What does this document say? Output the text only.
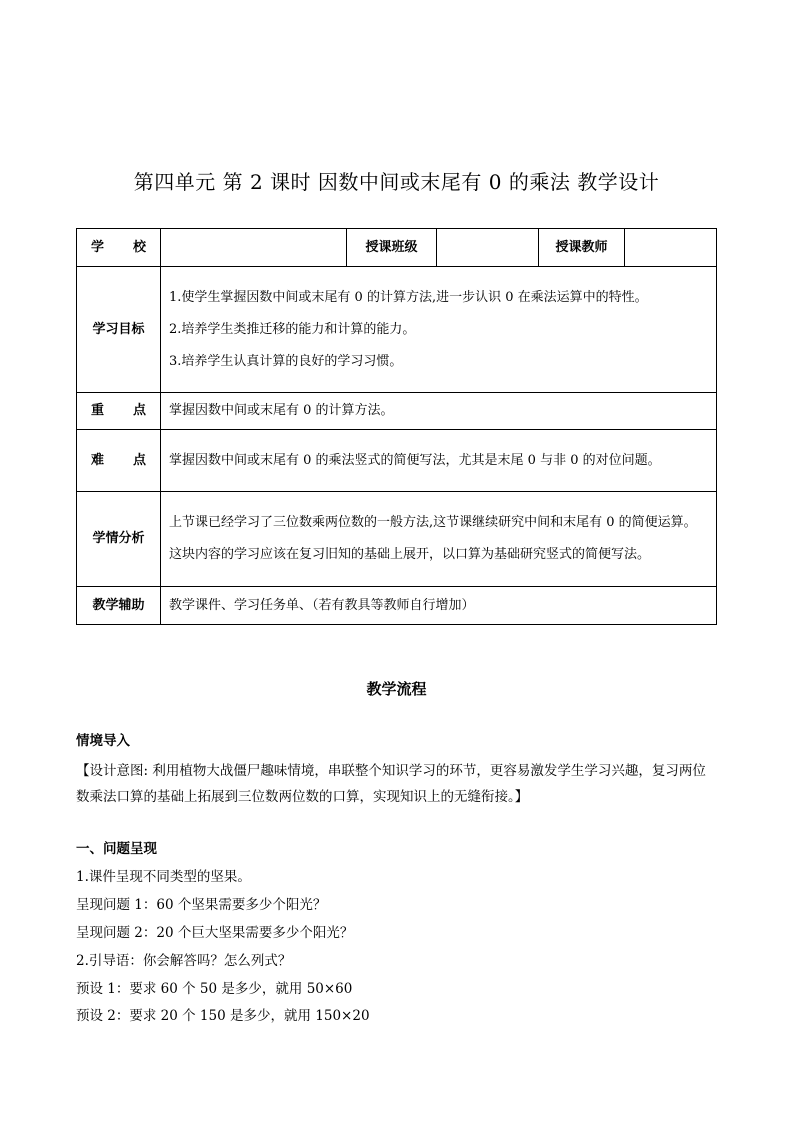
第四单元 第 2 课时 因数中间或末尾有 0 的乘法 教学设计
学 校		授课班级		授课教师	
学习目标	1.使学生掌握因数中间或末尾有 0 的计算方法,进一步认识 0 在乘法运算中的特性。

2.培养学生类推迁移的能力和计算的能力。

3.培养学生认真计算的良好的学习习惯。				

重 点	掌握因数中间或末尾有 0 的计算方法。				
难 点	掌握因数中间或末尾有 0 的乘法竖式的简便写法，尤其是末尾 0 与非 0 的对位问题。				

学情分析	上节课已经学习了三位数乘两位数的一般方法,这节课继续研究中间和末尾有 0 的简便运算。这块内容的学习应该在复习旧知的基础上展开，以口算为基础研究竖式的简便写法。				

教学辅助	教学课件、学习任务单、（若有教具等教师自行增加）				
教学流程
情境导入
【设计意图: 利用植物大战僵尸趣味情境，串联整个知识学习的环节，更容易激发学生学习兴趣，复习两位数乘法口算的基础上拓展到三位数两位数的口算，实现知识上的无缝衔接。】
一、问题呈现
1.课件呈现不同类型的坚果。
呈现问题 1：60 个坚果需要多少个阳光？
呈现问题 2：20 个巨大坚果需要多少个阳光？
2.引导语：你会解答吗？怎么列式？
预设 1：要求 60 个 50 是多少，就用 50×60
预设 2：要求 20 个 150 是多少，就用 150×20
